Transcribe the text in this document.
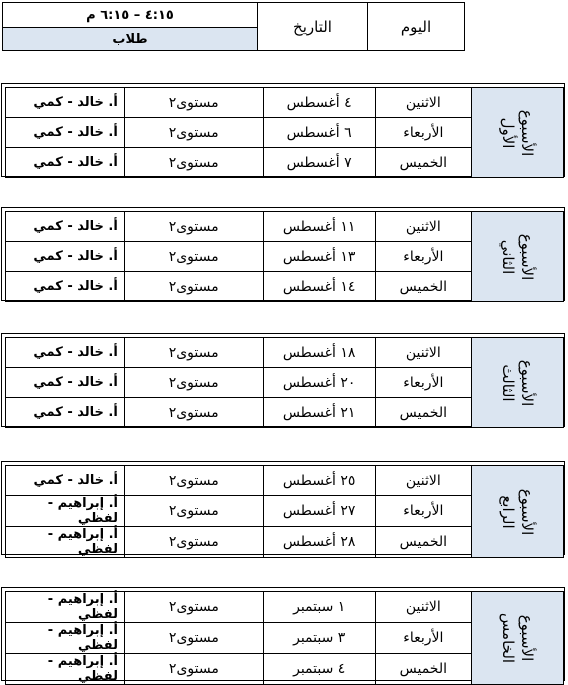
٤:١٥ – ٦:١٥ م	التاريخ	اليوم
طلاب
أ. خالد - كمي	مستوى٢	٤ أغسطس	الاثنين	الأسبوع
الأول

أ. خالد - كمي	مستوى٢	٦ أغسطس	الأربعاء	
أ. خالد - كمي	مستوى٢	٧ أغسطس	الخميس	
أ. خالد - كمي	مستوى٢	١١ أغسطس	الاثنين	الأسبوع
الثاني

أ. خالد - كمي	مستوى٢	١٣ أغسطس	الأربعاء	
أ. خالد - كمي	مستوى٢	١٤ أغسطس	الخميس	
أ. خالد - كمي	مستوى٢	١٨ أغسطس	الاثنين	الأسبوع
الثالث

أ. خالد - كمي	مستوى٢	٢٠ أغسطس	الأربعاء	
أ. خالد - كمي	مستوى٢	٢١ أغسطس	الخميس	
أ. خالد - كمي	مستوى٢	٢٥ أغسطس	الاثنين	الأسبوع
الرابع

أ. إبراهيم - لفظي	مستوى٢	٢٧ أغسطس	الأربعاء	
أ. إبراهيم - لفظي	مستوى٢	٢٨ أغسطس	الخميس	
أ. إبراهيم - لفظي	مستوى٢	١ سبتمبر	الاثنين	الأسبوع
الخامس

أ. إبراهيم - لفظي	مستوى٢	٣ سبتمبر	الأربعاء	
أ. إبراهيم - لفظي	مستوى٢	٤ سبتمبر	الخميس	
